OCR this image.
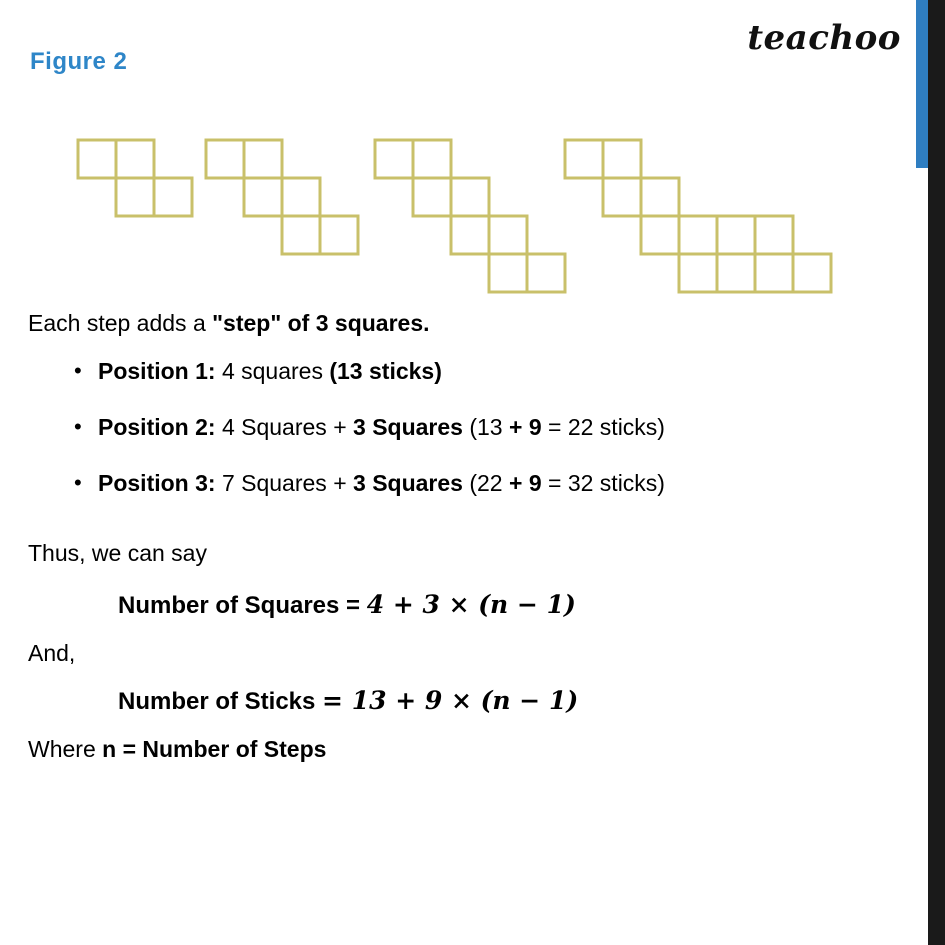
teachoo
Figure 2

Each step adds a "step" of 3 squares.

• Position 1: 4 squares (13 sticks)
• Position 2: 4 Squares + 3 Squares (13 + 9 = 22 sticks)
• Position 3: 7 Squares + 3 Squares (22 + 9 = 32 sticks)

Thus, we can say

Number of Squares = 4 + 3 × (n − 1)

And,

Number of Sticks = 13 + 9 × (n − 1)

Where n = Number of Steps
